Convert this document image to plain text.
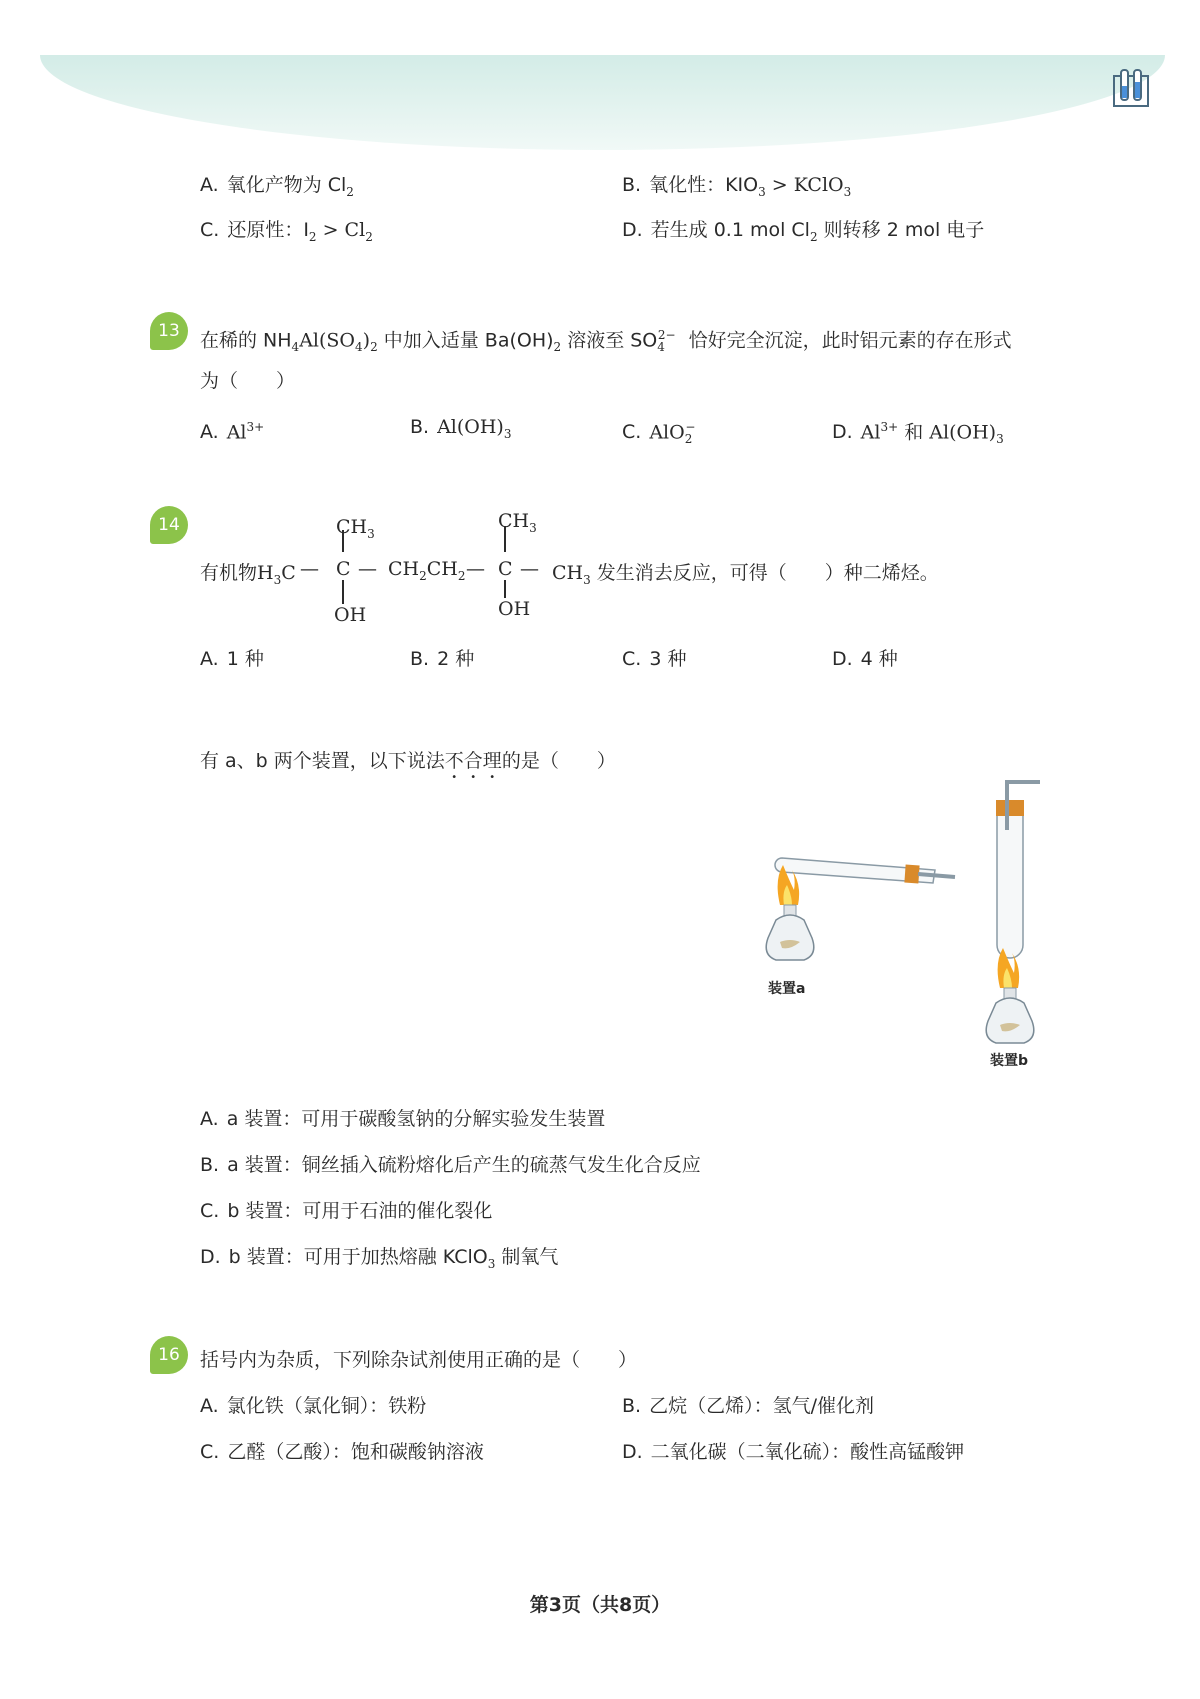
A. 氧化产物为 $Cl_2$	B. 氧化性：$KIO_3$ > KClO$_3$
C. 还原性：$I_2 > Cl_2$	D. 若生成 0.1 mol $Cl_2$ 则转移 2 mol 电子
13	在稀的 $NH_4Al(SO_4)_2$ 中加入适量 $Ba(OH)_2$ 溶液至 $SO_4^{2-}$ 恰好完全沉淀，此时铝元素的存在形式
为（　　）
A. $Al^{3+}$	B. $Al(OH)_3$	C. AlO$_2$−	D. $Al^{3+}$ 和 $Al(OH)_3$
14
有机物$H_3C$ — C — $CH_2CH_2$ — C — $CH_3$ 发生消去反应，可得（　　）种二烯烃。
$CH_3$
$CH_3$
OH	OH
A. 1 种	B. 2 种	C. 3 种	D. 4 种
有 a、b 两个装置，以下说法不合理的是（　　）
装置a
装置b
A. a 装置：可用于碳酸氢钠的分解实验发生装置
B. a 装置：铜丝插入硫粉熔化后产生的硫蒸气发生化合反应
C. b 装置：可用于石油的催化裂化
D. b 装置：可用于加热熔融 KClO$_3$ 制氧气
16	括号内为杂质，下列除杂试剂使用正确的是（　　）
A. 氯化铁（氯化铜）：铁粉	B. 乙烷（乙烯）：氢气/催化剂
C. 乙醛（乙酸）：饱和碳酸钠溶液	D. 二氧化碳（二氧化硫）：酸性高锰酸钾
第3页（共8页）
